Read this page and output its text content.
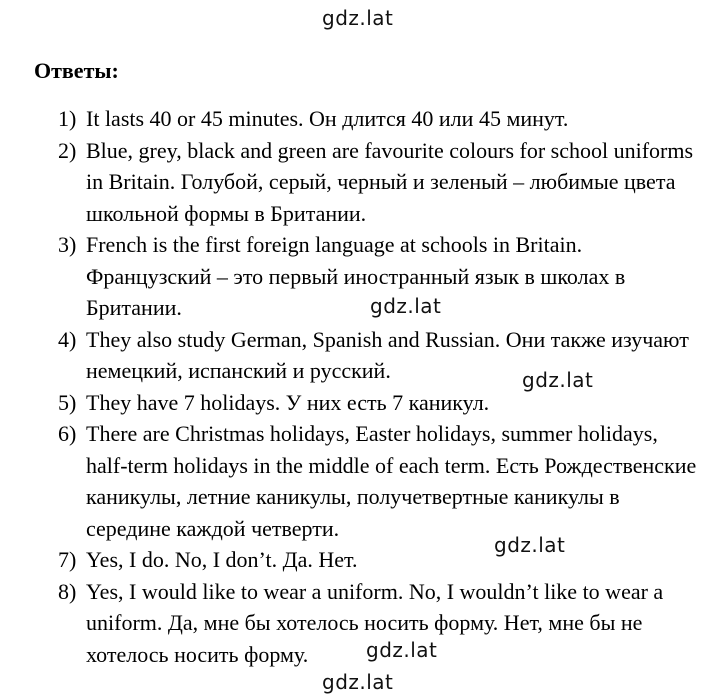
gdz.lat
Ответы:
1) It lasts 40 or 45 minutes. Он длится 40 или 45 минут.
2) Blue, grey, black and green are favourite colours for school uniforms in Britain. Голубой, серый, черный и зеленый – любимые цвета школьной формы в Британии.
3) French is the first foreign language at schools in Britain. Французский – это первый иностранный язык в школах в Британии.
4) They also study German, Spanish and Russian. Они также изучают немецкий, испанский и русский.
5) They have 7 holidays. У них есть 7 каникул.
6) There are Christmas holidays, Easter holidays, summer holidays, half-term holidays in the middle of each term. Есть Рождественские каникулы, летние каникулы, получетвертные каникулы в середине каждой четверти.
7) Yes, I do. No, I don’t. Да. Нет.
8) Yes, I would like to wear a uniform. No, I wouldn’t like to wear a uniform. Да, мне бы хотелось носить форму. Нет, мне бы не хотелось носить форму.
gdz.lat
gdz.lat
gdz.lat
gdz.lat
gdz.lat
